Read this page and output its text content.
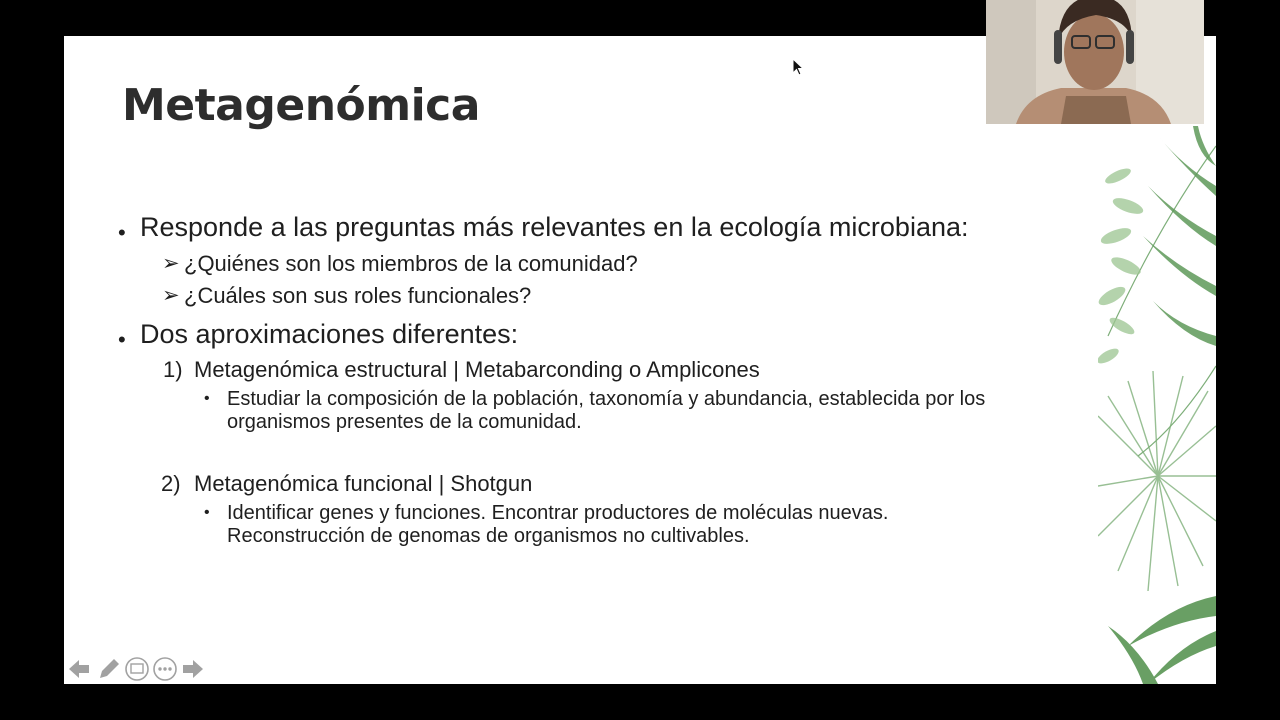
Metagenómica
• Responde a las preguntas más relevantes en la ecología microbiana:
➢ ¿Quiénes son los miembros de la comunidad?
➢ ¿Cuáles son sus roles funcionales?
• Dos aproximaciones diferentes:
1) Metagenómica estructural | Metabarconding o Amplicones
• Estudiar la composición de la población, taxonomía y abundancia, establecida por los
organismos presentes de la comunidad.
2) Metagenómica funcional | Shotgun
• Identificar genes y funciones. Encontrar productores de moléculas nuevas.
Reconstrucción de genomas de organismos no cultivables.
